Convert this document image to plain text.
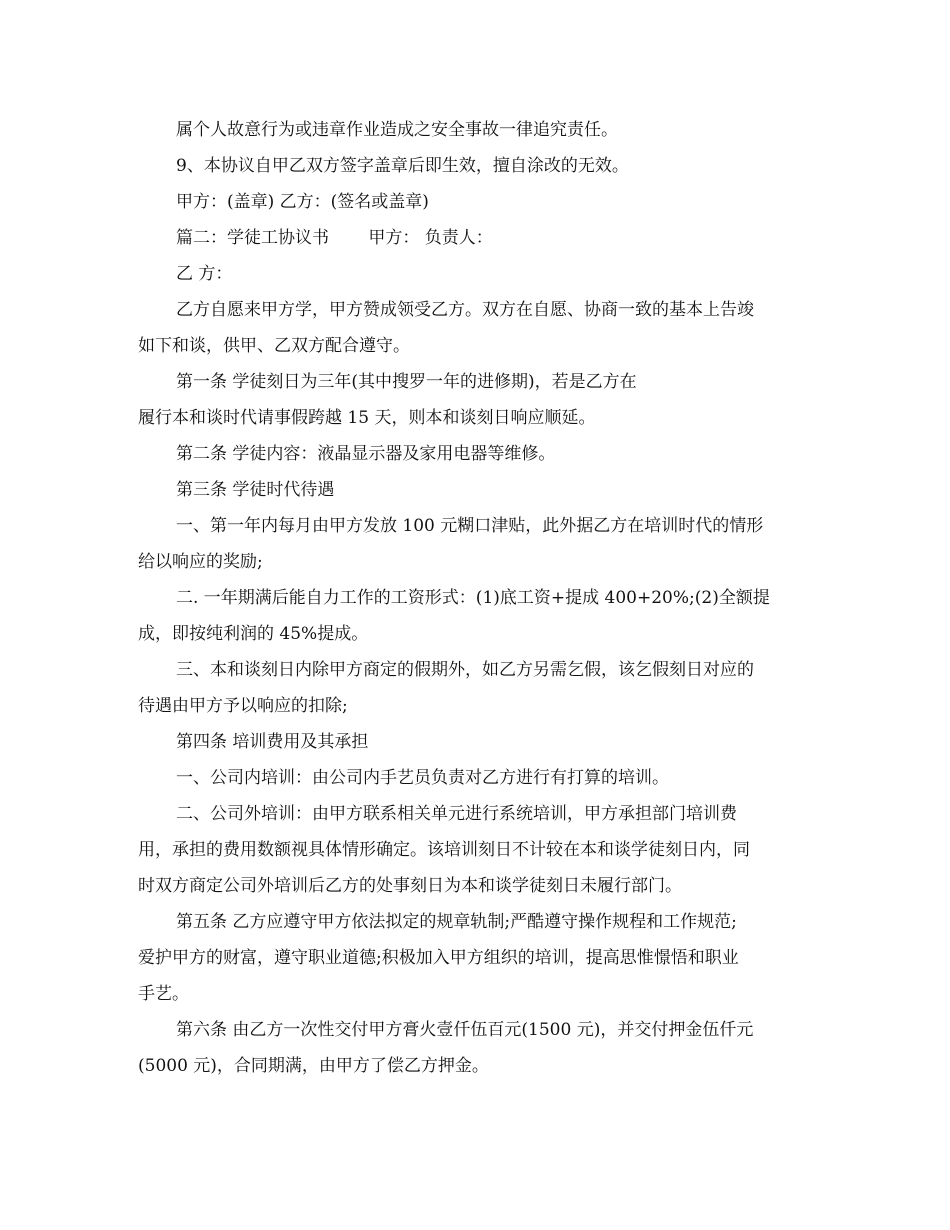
属个人故意行为或违章作业造成之安全事故一律追究责任。

9、本协议自甲乙双方签字盖章后即生效，擅自涂改的无效。

甲方：(盖章) 乙方：(签名或盖章)

篇二：学徒工协议书　　 甲方： 负责人：

乙 方：

乙方自愿来甲方学，甲方赞成领受乙方。双方在自愿、协商一致的基本上告竣

如下和谈，供甲、乙双方配合遵守。

第一条 学徒刻日为三年(其中搜罗一年的进修期)，若是乙方在

履行本和谈时代请事假跨越 15 天，则本和谈刻日响应顺延。

第二条 学徒内容：液晶显示器及家用电器等维修。

第三条 学徒时代待遇

一、第一年内每月由甲方发放 100 元糊口津贴，此外据乙方在培训时代的情形

给以响应的奖励;

二. 一年期满后能自力工作的工资形式：(1)底工资+提成 400+20%;(2)全额提

成，即按纯利润的 45%提成。

三、本和谈刻日内除甲方商定的假期外，如乙方另需乞假，该乞假刻日对应的

待遇由甲方予以响应的扣除;

第四条 培训费用及其承担

一、公司内培训：由公司内手艺员负责对乙方进行有打算的培训。

二、公司外培训：由甲方联系相关单元进行系统培训，甲方承担部门培训费

用，承担的费用数额视具体情形确定。该培训刻日不计较在本和谈学徒刻日内，同

时双方商定公司外培训后乙方的处事刻日为本和谈学徒刻日未履行部门。

第五条 乙方应遵守甲方依法拟定的规章轨制;严酷遵守操作规程和工作规范;

爱护甲方的财富，遵守职业道德;积极加入甲方组织的培训，提高思惟憬悟和职业

手艺。

第六条 由乙方一次性交付甲方膏火壹仟伍百元(1500 元)，并交付押金伍仟元

(5000 元)，合同期满，由甲方了偿乙方押金。
